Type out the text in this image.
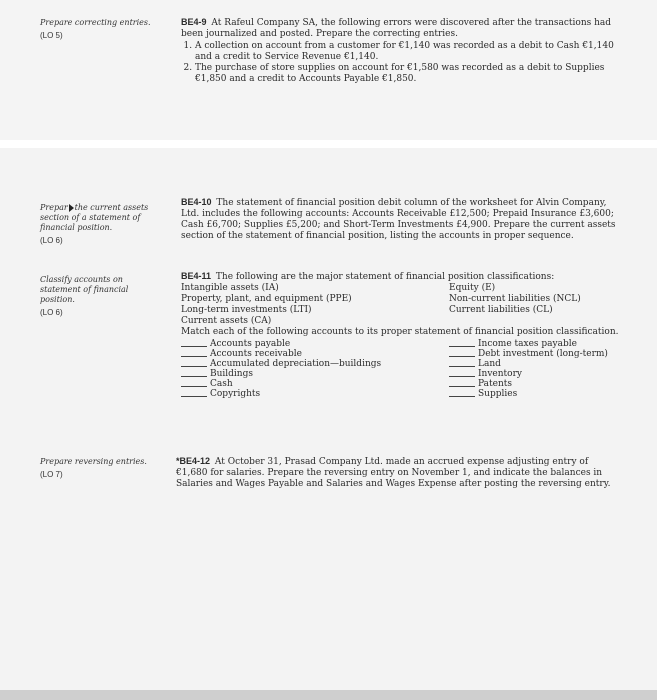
Prepare correcting entries.
(LO 5)
BE4-9 At Rafeul Company SA, the following errors were discovered after the transactions had been journalized and posted. Prepare the correcting entries.
1. A collection on account from a customer for €1,140 was recorded as a debit to Cash €1,140 and a credit to Service Revenue €1,140.
2. The purchase of store supplies on account for €1,580 was recorded as a debit to Supplies €1,850 and a credit to Accounts Payable €1,850.
Prepar the current assets section of a statement of financial position.
(LO 6)
BE4-10 The statement of financial position debit column of the worksheet for Alvin Company, Ltd. includes the following accounts: Accounts Receivable £12,500; Prepaid Insurance £3,600; Cash £6,700; Supplies £5,200; and Short-Term Investments £4,900. Prepare the current assets section of the statement of financial position, listing the accounts in proper sequence.
Classify accounts on statement of financial position.
(LO 6)
BE4-11 The following are the major statement of financial position classifications:
Intangible assets (IA)
Property, plant, and equipment (PPE)
Long-term investments (LTI)
Current assets (CA)
Equity (E)
Non-current liabilities (NCL)
Current liabilities (CL)
Match each of the following accounts to its proper statement of financial position classification.
Accounts payable
Accounts receivable
Accumulated depreciation—buildings
Buildings
Cash
Copyrights
Income taxes payable
Debt investment (long-term)
Land
Inventory
Patents
Supplies
Prepare reversing entries.
(LO 7)
*BE4-12 At October 31, Prasad Company Ltd. made an accrued expense adjusting entry of €1,680 for salaries. Prepare the reversing entry on November 1, and indicate the balances in Salaries and Wages Payable and Salaries and Wages Expense after posting the reversing entry.
